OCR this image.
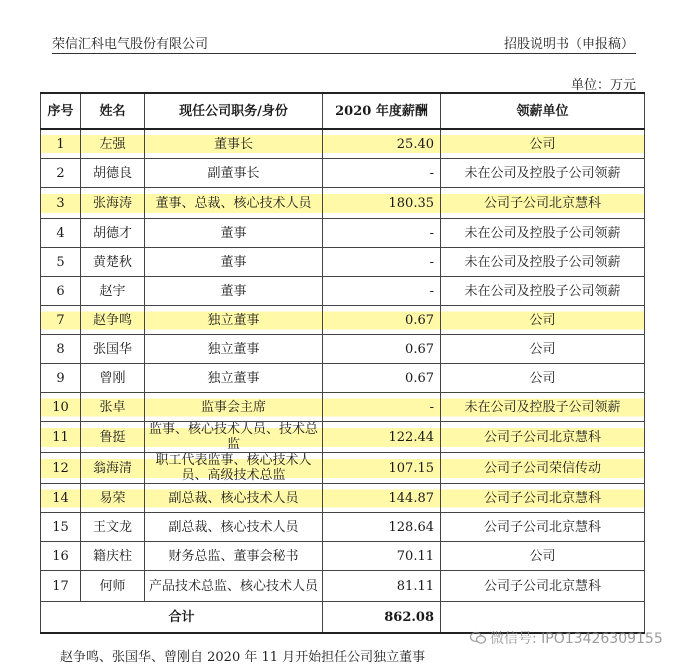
荣信汇科电气股份有限公司	招股说明书（申报稿）
单位：万元
序号	姓名	现任公司职务/身份	2020 年度薪酬	领薪单位
1	左强	董事长	25.40	公司
2	胡德良	副董事长	-	未在公司及控股子公司领薪
3	张海涛	董事、总裁、核心技术人员	180.35	公司子公司北京慧科
4	胡德才	董事	-	未在公司及控股子公司领薪
5	黄楚秋	董事	-	未在公司及控股子公司领薪
6	赵宇	董事	-	未在公司及控股子公司领薪
7	赵争鸣	独立董事	0.67	公司
8	张国华	独立董事	0.67	公司
9	曾刚	独立董事	0.67	公司
10	张卓	监事会主席	-	未在公司及控股子公司领薪
11	鲁挺	监事、核心技术人员、技术总监	122.44	公司子公司北京慧科
12	翁海清	职工代表监事、核心技术人员、高级技术总监	107.15	公司子公司荣信传动
14	易荣	副总裁、核心技术人员	144.87	公司子公司北京慧科
15	王文龙	副总裁、核心技术人员	128.64	公司子公司北京慧科
16	籍庆柱	财务总监、董事会秘书	70.11	公司
17	何师	产品技术总监、核心技术人员	81.11	公司子公司北京慧科
合计			862.08	
赵争鸣、张国华、曾刚自 2020 年 11 月开始担任公司独立董事
微信号: IPO13426309155
